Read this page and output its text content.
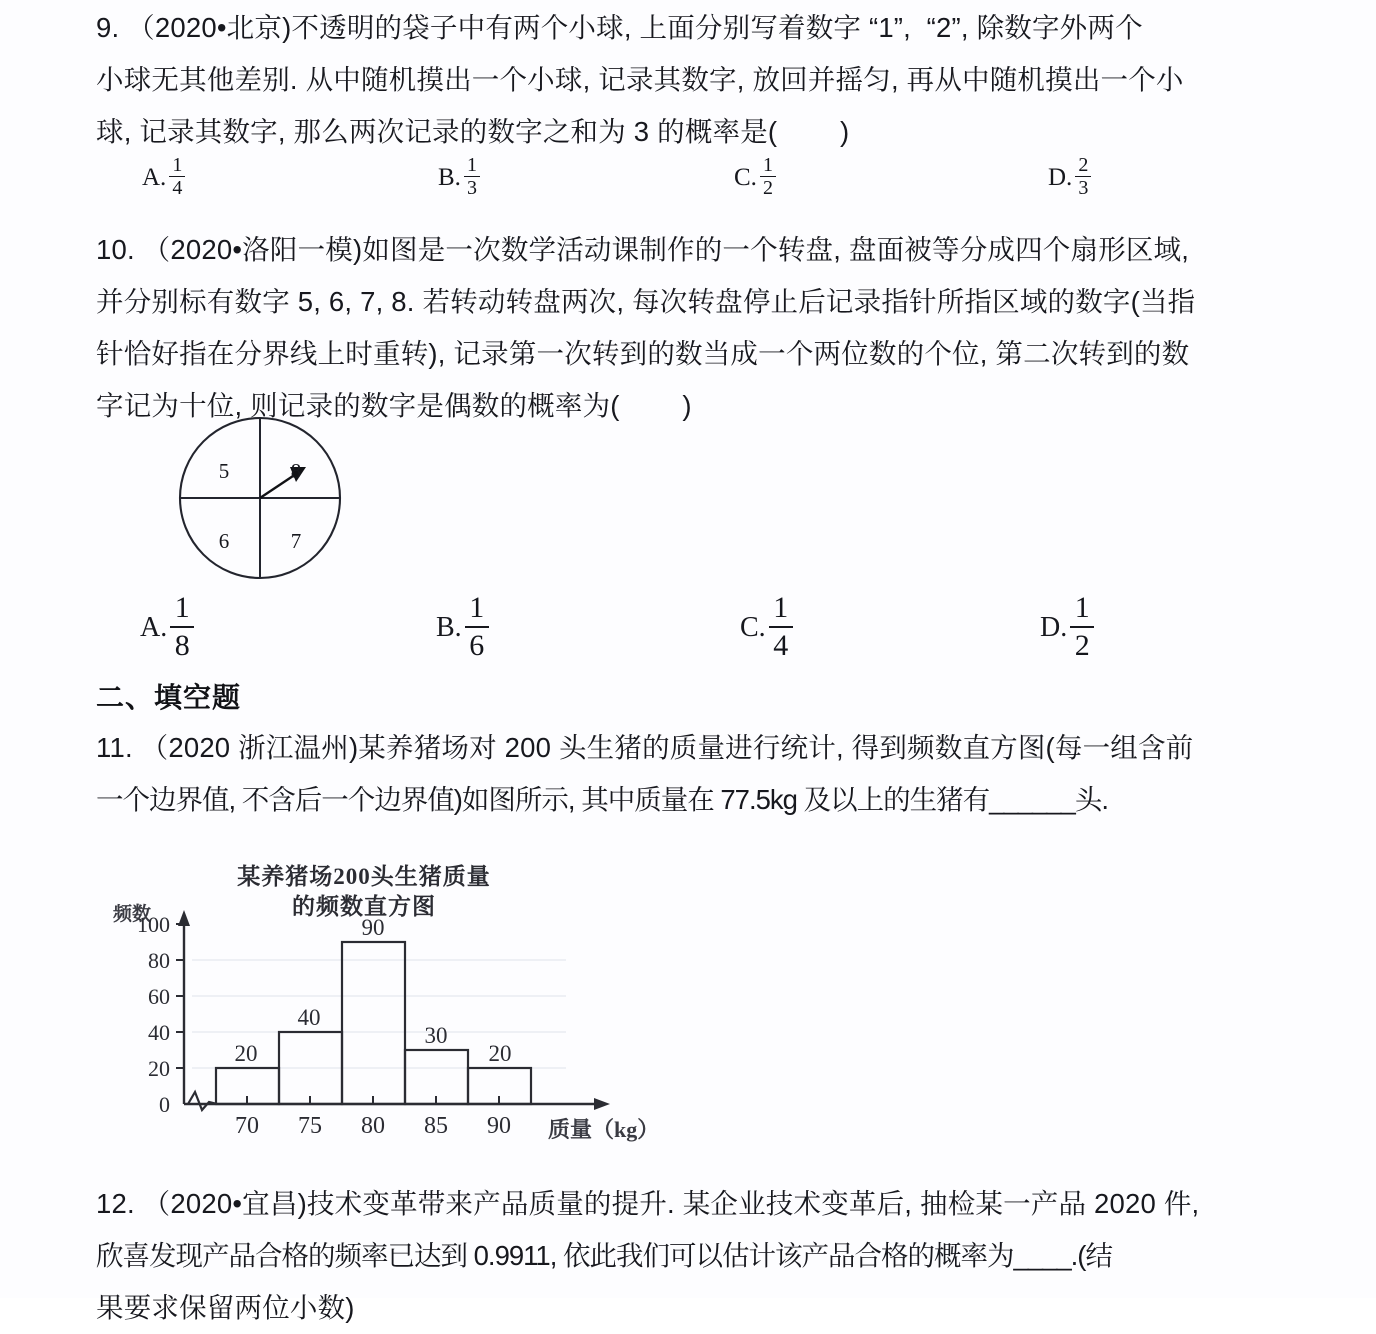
9. （2020•北京)不透明的袋子中有两个小球, 上面分别写着数字 “1”,  “2”, 除数字外两个
小球无其他差别. 从中随机摸出一个小球, 记录其数字, 放回并摇匀, 再从中随机摸出一个小
球, 记录其数字, 那么两次记录的数字之和为 3 的概率是(        )
A. $\frac{1}{4}$	B. $\frac{1}{3}$	C. $\frac{1}{2}$	D. $\frac{2}{3}$
10. （2020•洛阳一模)如图是一次数学活动课制作的一个转盘, 盘面被等分成四个扇形区域,
并分别标有数字 5, 6, 7, 8. 若转动转盘两次, 每次转盘停止后记录指针所指区域的数字(当指
针恰好指在分界线上时重转), 记录第一次转到的数当成一个两位数的个位, 第二次转到的数
字记为十位, 则记录的数字是偶数的概率为(        )
5	8
6	7
A. $\frac{1}{8}$	B. $\frac{1}{6}$	C. $\frac{1}{4}$	D. $\frac{1}{2}$
二、填空题
11. （2020 浙江温州)某养猪场对 200 头生猪的质量进行统计, 得到频数直方图(每一组含前
一个边界值, 不含后一个边界值)如图所示, 其中质量在 77.5kg 及以上的生猪有______头.
某养猪场200头生猪质量
的频数直方图
频数
0
20
40
60
80
100
20
40
90
30
20
70 75 80 85 90 质量（kg）
12. （2020•宜昌)技术变革带来产品质量的提升. 某企业技术变革后, 抽检某一产品 2020 件,
欣喜发现产品合格的频率已达到 0.9911, 依此我们可以估计该产品合格的概率为____.(结
果要求保留两位小数)
